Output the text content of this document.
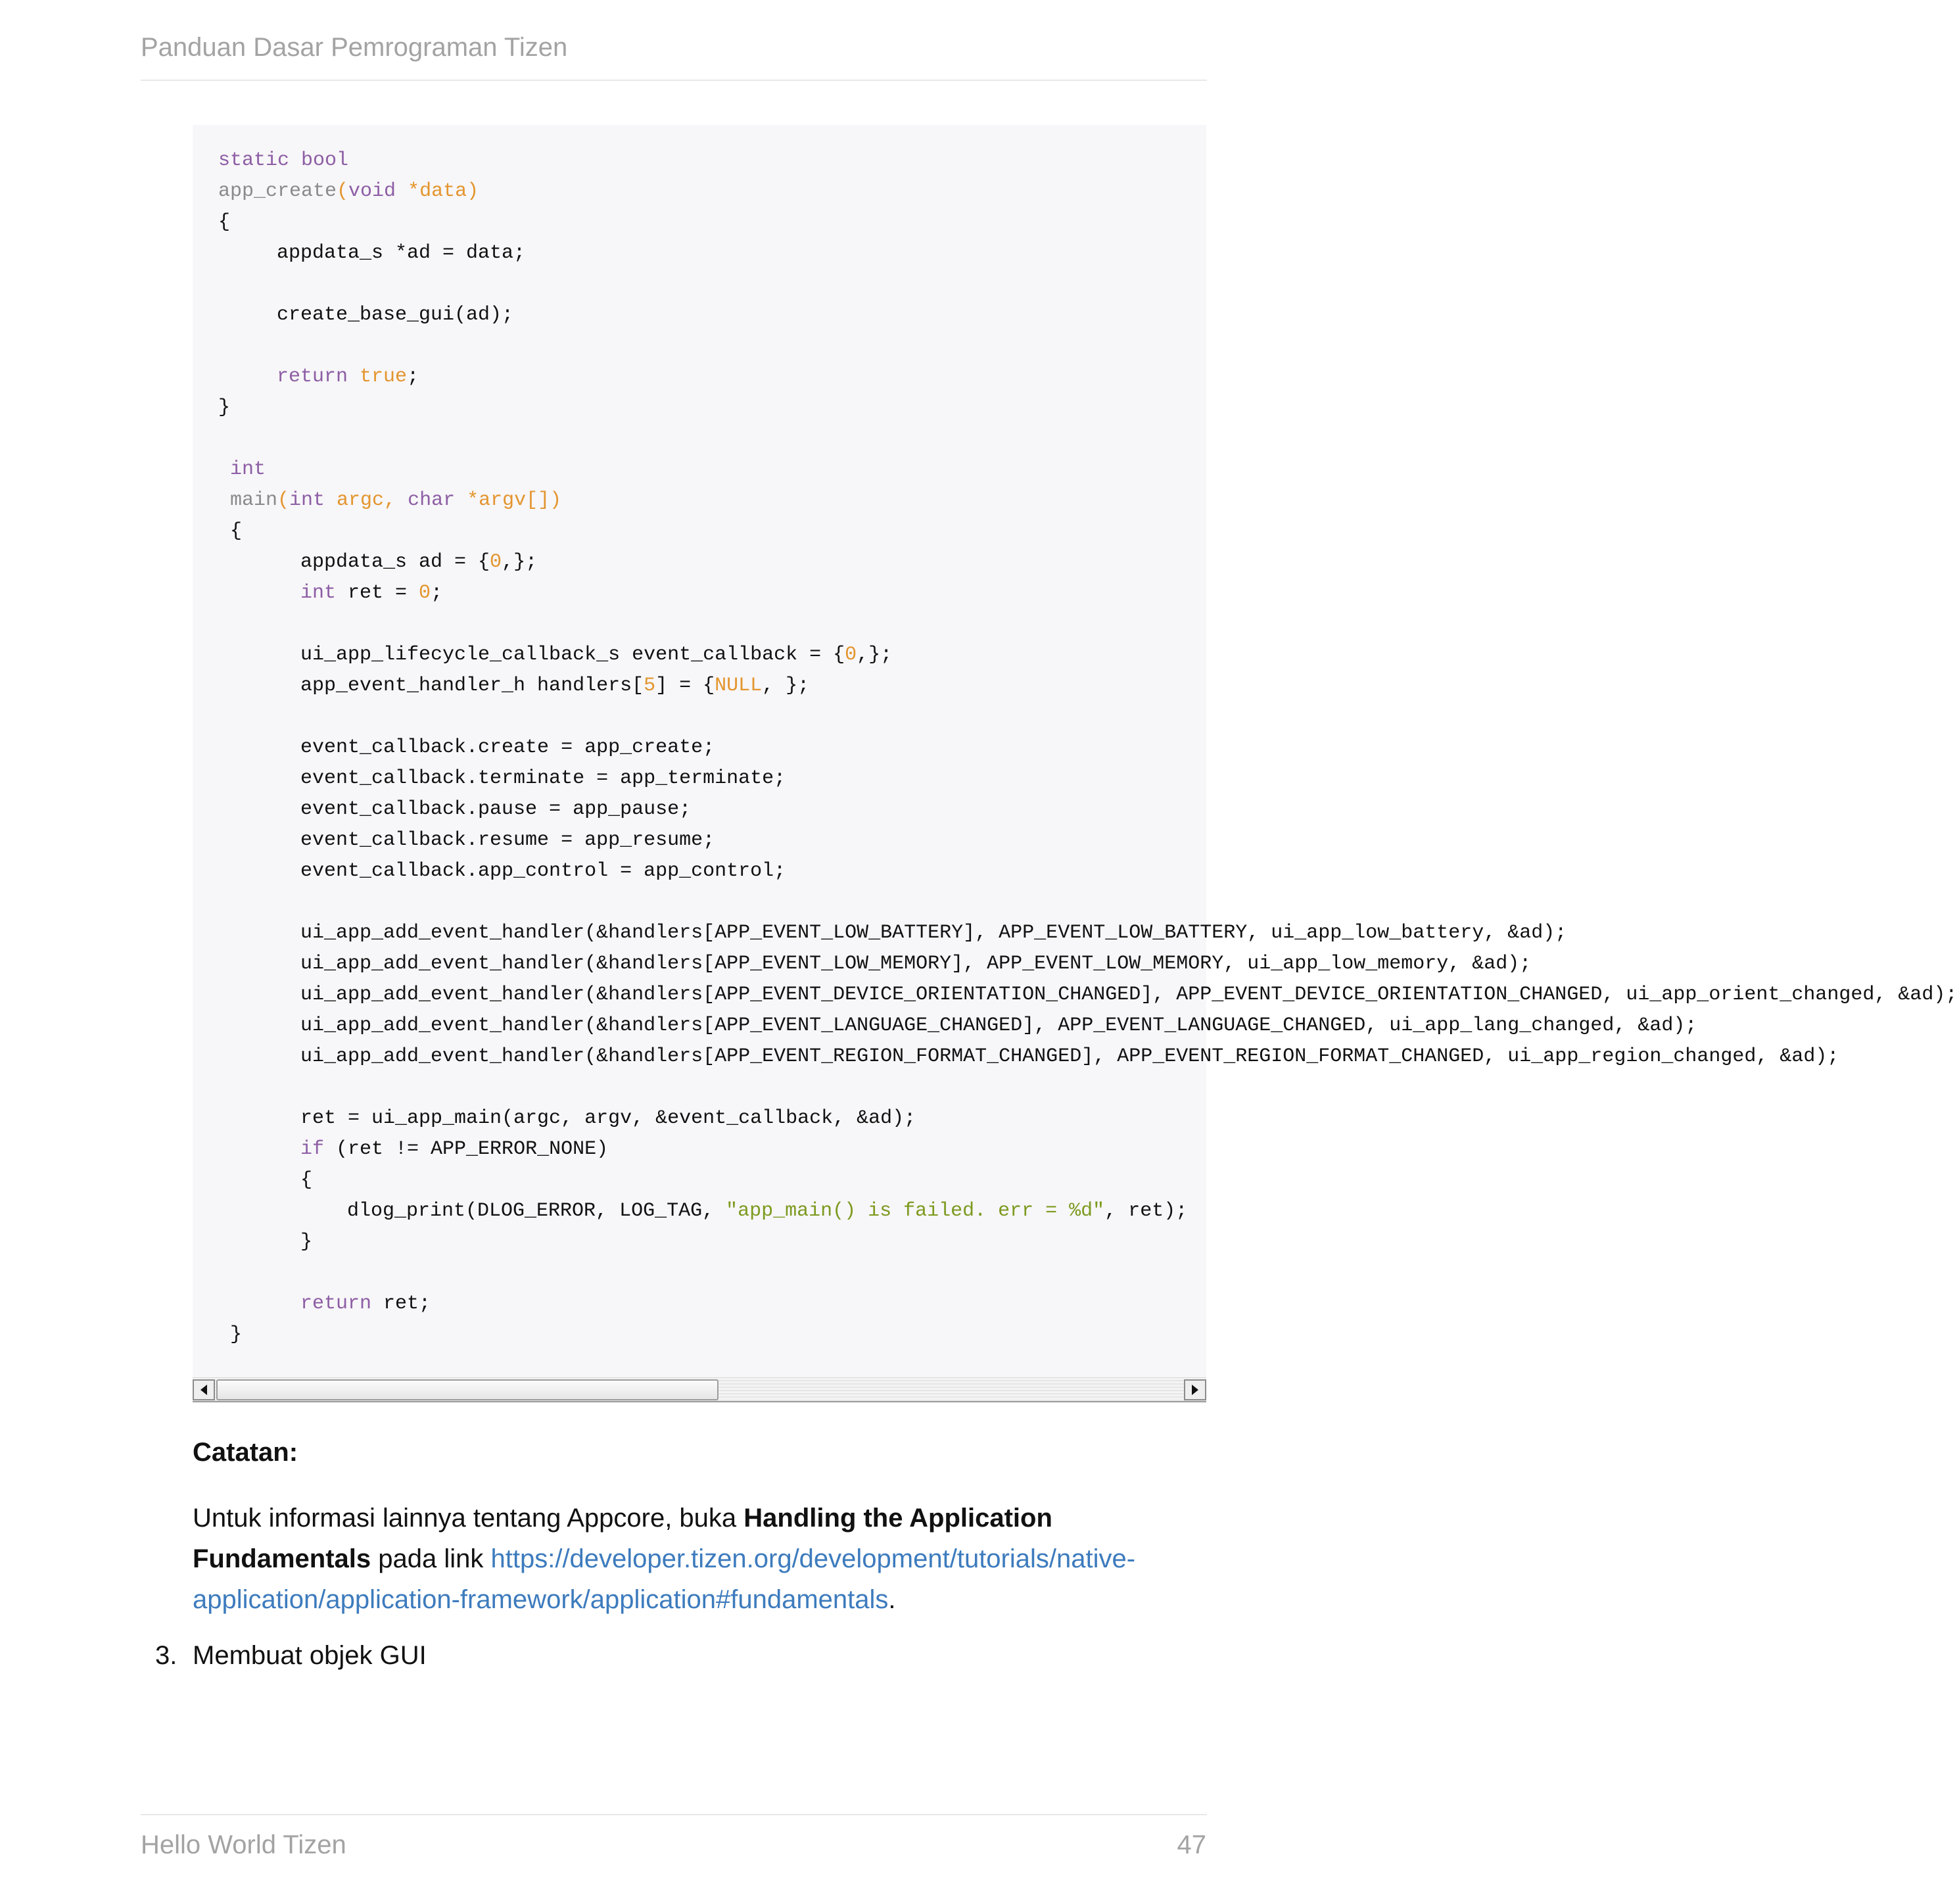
Panduan Dasar Pemrograman Tizen
static bool
app_create(void *data)
{
appdata_s *ad = data;
create_base_gui(ad);
return true;
}
int
main(int argc, char *argv[])
{
appdata_s ad = {0,};
int ret = 0;
ui_app_lifecycle_callback_s event_callback = {0,};
app_event_handler_h handlers[5] = {NULL, };
event_callback.create = app_create;
event_callback.terminate = app_terminate;
event_callback.pause = app_pause;
event_callback.resume = app_resume;
event_callback.app_control = app_control;
ui_app_add_event_handler(&handlers[APP_EVENT_LOW_BATTERY], APP_EVENT_LOW_BATTERY, ui_app_low_battery, &ad);
ui_app_add_event_handler(&handlers[APP_EVENT_LOW_MEMORY], APP_EVENT_LOW_MEMORY, ui_app_low_memory, &ad);
ui_app_add_event_handler(&handlers[APP_EVENT_DEVICE_ORIENTATION_CHANGED], APP_EVENT_DEVICE_ORIENTATION_CHANGED, ui_app_orient_changed, &ad);
ui_app_add_event_handler(&handlers[APP_EVENT_LANGUAGE_CHANGED], APP_EVENT_LANGUAGE_CHANGED, ui_app_lang_changed, &ad);
ui_app_add_event_handler(&handlers[APP_EVENT_REGION_FORMAT_CHANGED], APP_EVENT_REGION_FORMAT_CHANGED, ui_app_region_changed, &ad);
ret = ui_app_main(argc, argv, &event_callback, &ad);
if (ret != APP_ERROR_NONE)
{
dlog_print(DLOG_ERROR, LOG_TAG, "app_main() is failed. err = %d", ret);
}
return ret;
}
Catatan:
Untuk informasi lainnya tentang Appcore, buka Handling the Application Fundamentals pada link https://developer.tizen.org/development/tutorials/native-application/application-framework/application#fundamentals.
3. Membuat objek GUI
Hello World Tizen	47
